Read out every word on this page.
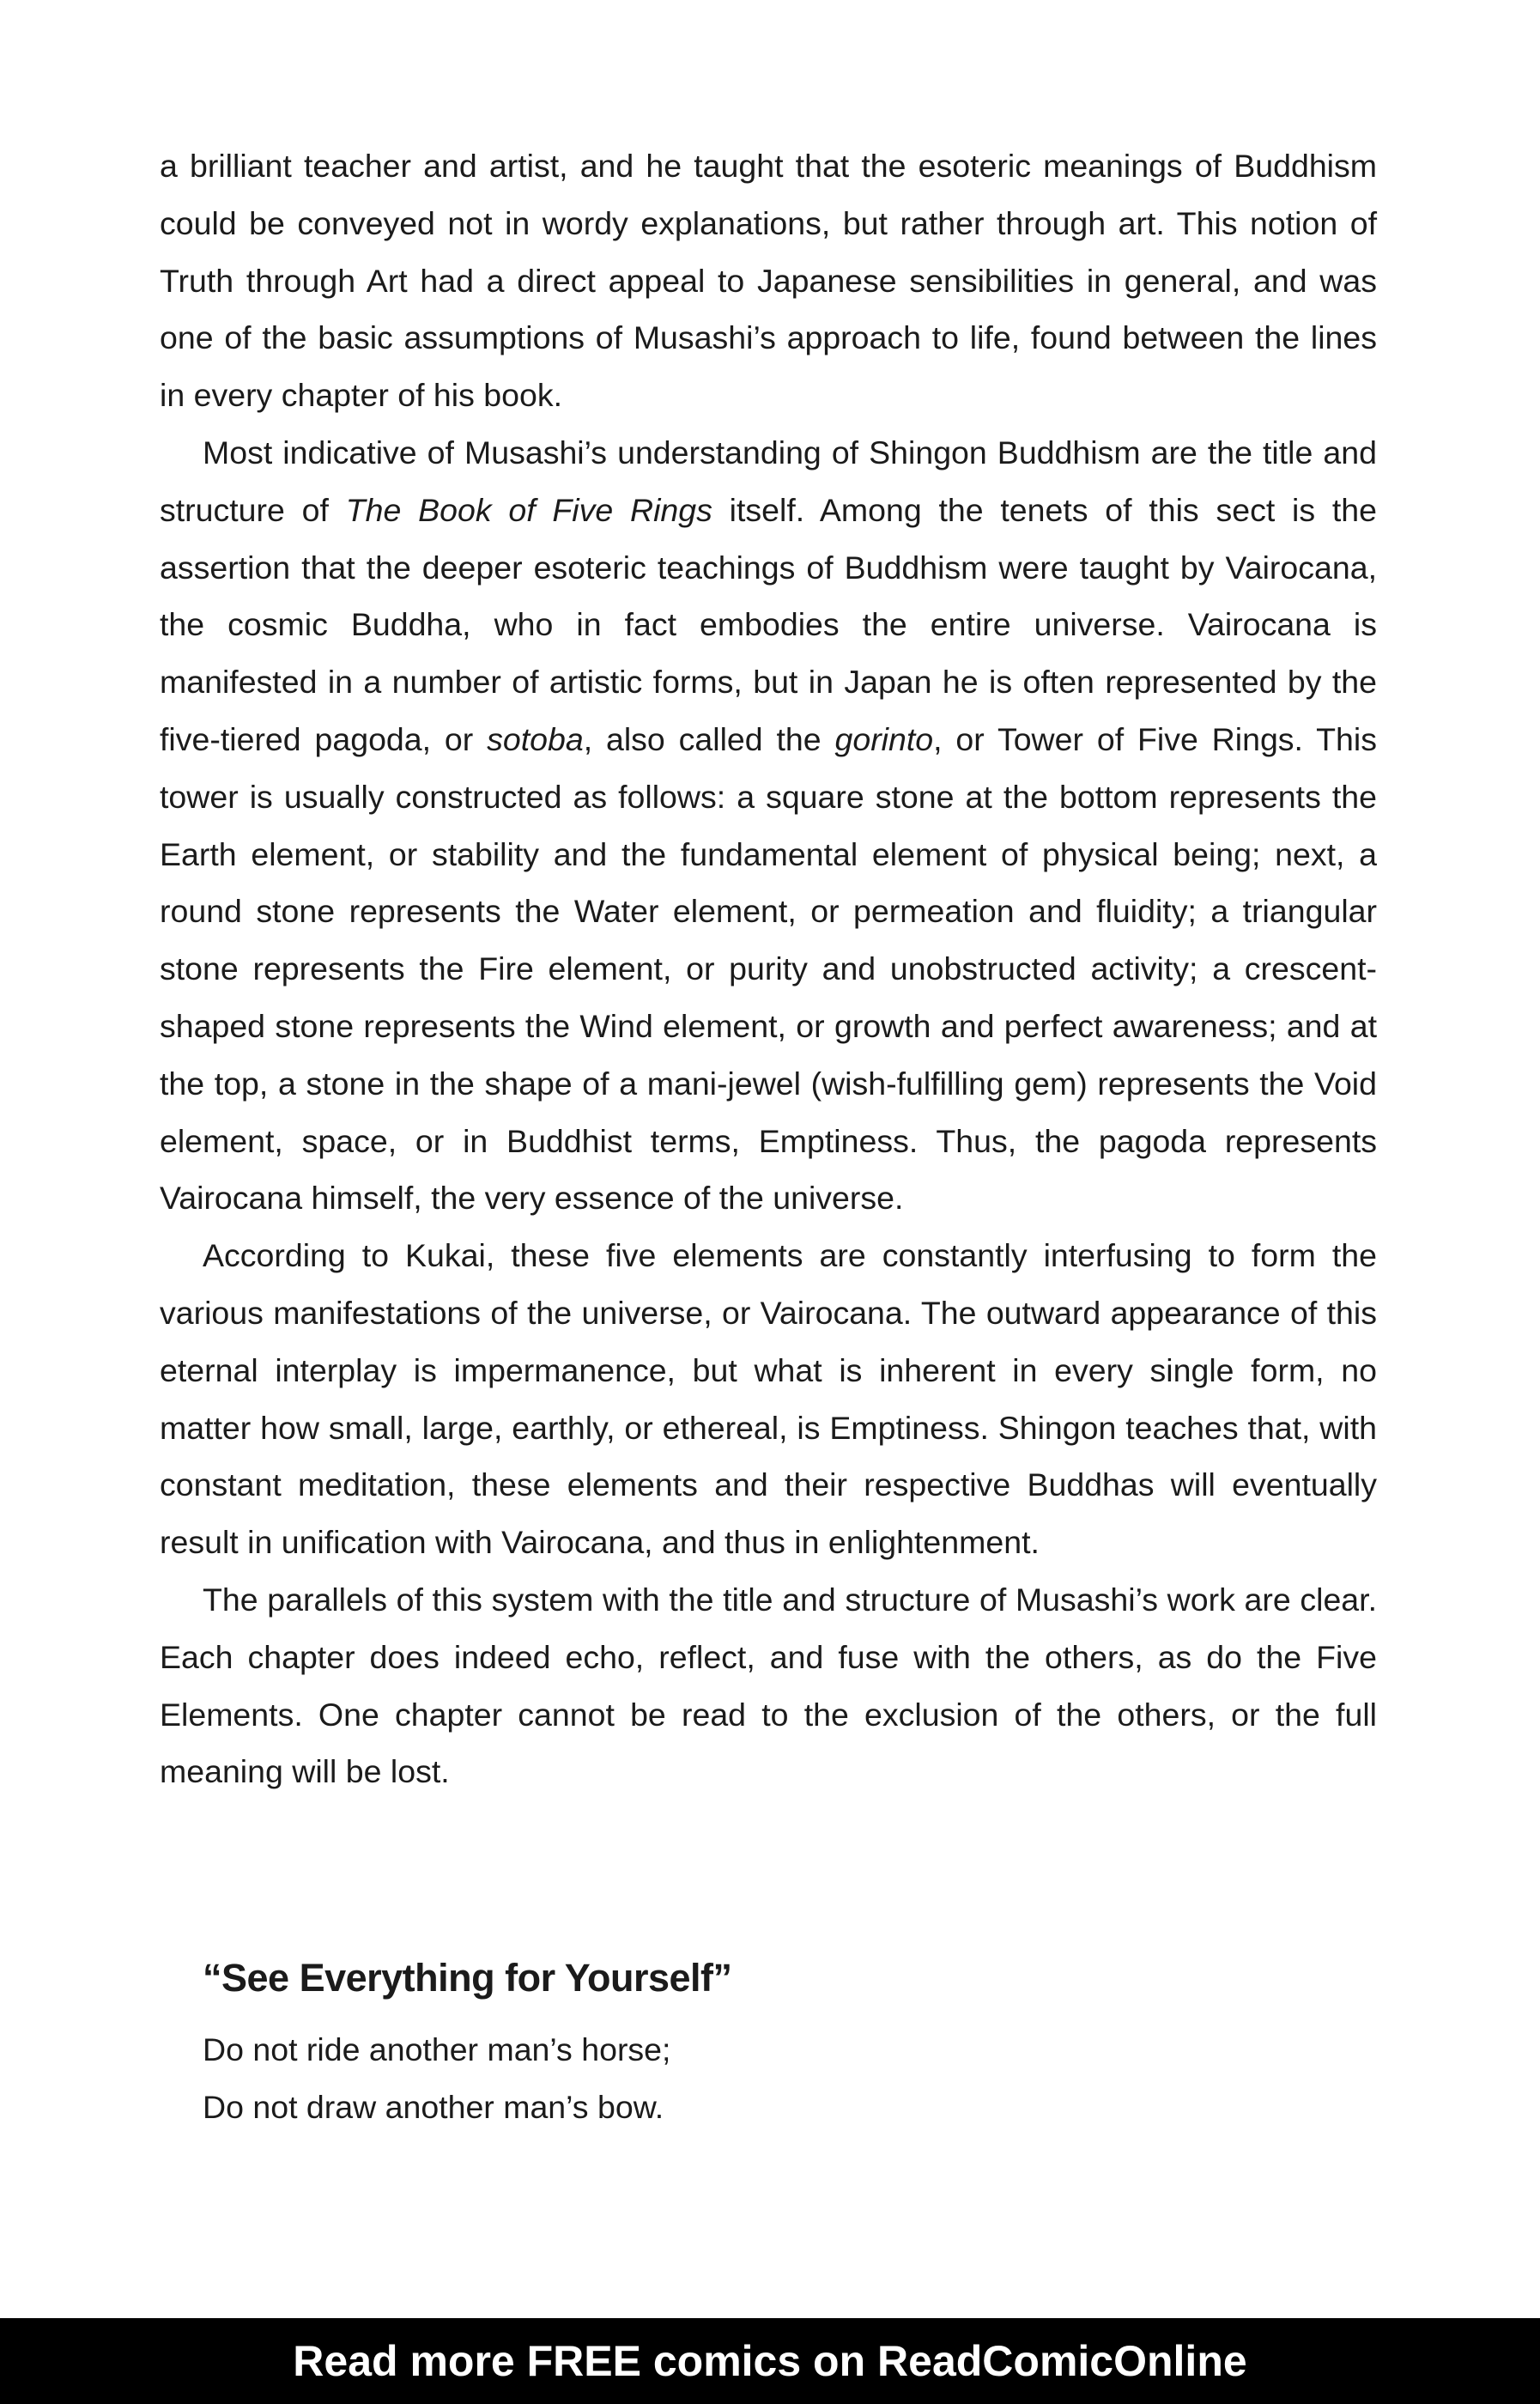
a brilliant teacher and artist, and he taught that the esoteric meanings of Buddhism could be conveyed not in wordy explanations, but rather through art. This notion of Truth through Art had a direct appeal to Japanese sensibilities in general, and was one of the basic assumptions of Musashi’s approach to life, found between the lines in every chapter of his book.

Most indicative of Musashi’s understanding of Shingon Buddhism are the title and structure of The Book of Five Rings itself. Among the tenets of this sect is the assertion that the deeper esoteric teachings of Buddhism were taught by Vairocana, the cosmic Buddha, who in fact embodies the entire universe. Vairocana is manifested in a number of artistic forms, but in Japan he is often represented by the five-tiered pagoda, or sotoba, also called the gorinto, or Tower of Five Rings. This tower is usually constructed as follows: a square stone at the bottom represents the Earth element, or stability and the fundamental element of physical being; next, a round stone represents the Water element, or permeation and fluidity; a triangular stone represents the Fire element, or purity and unobstructed activity; a crescent-shaped stone represents the Wind element, or growth and perfect awareness; and at the top, a stone in the shape of a mani-jewel (wish-fulfilling gem) represents the Void element, space, or in Buddhist terms, Emptiness. Thus, the pagoda represents Vairocana himself, the very essence of the universe.

According to Kukai, these five elements are constantly interfusing to form the various manifestations of the universe, or Vairocana. The outward appearance of this eternal interplay is impermanence, but what is inherent in every single form, no matter how small, large, earthly, or ethereal, is Emptiness. Shingon teaches that, with constant meditation, these elements and their respective Buddhas will eventually result in unification with Vairocana, and thus in enlightenment.

The parallels of this system with the title and structure of Musashi’s work are clear. Each chapter does indeed echo, reflect, and fuse with the others, as do the Five Elements. One chapter cannot be read to the exclusion of the others, or the full meaning will be lost.

“See Everything for Yourself”

Do not ride another man’s horse;

Do not draw another man’s bow.

Read more FREE comics on ReadComicOnline
